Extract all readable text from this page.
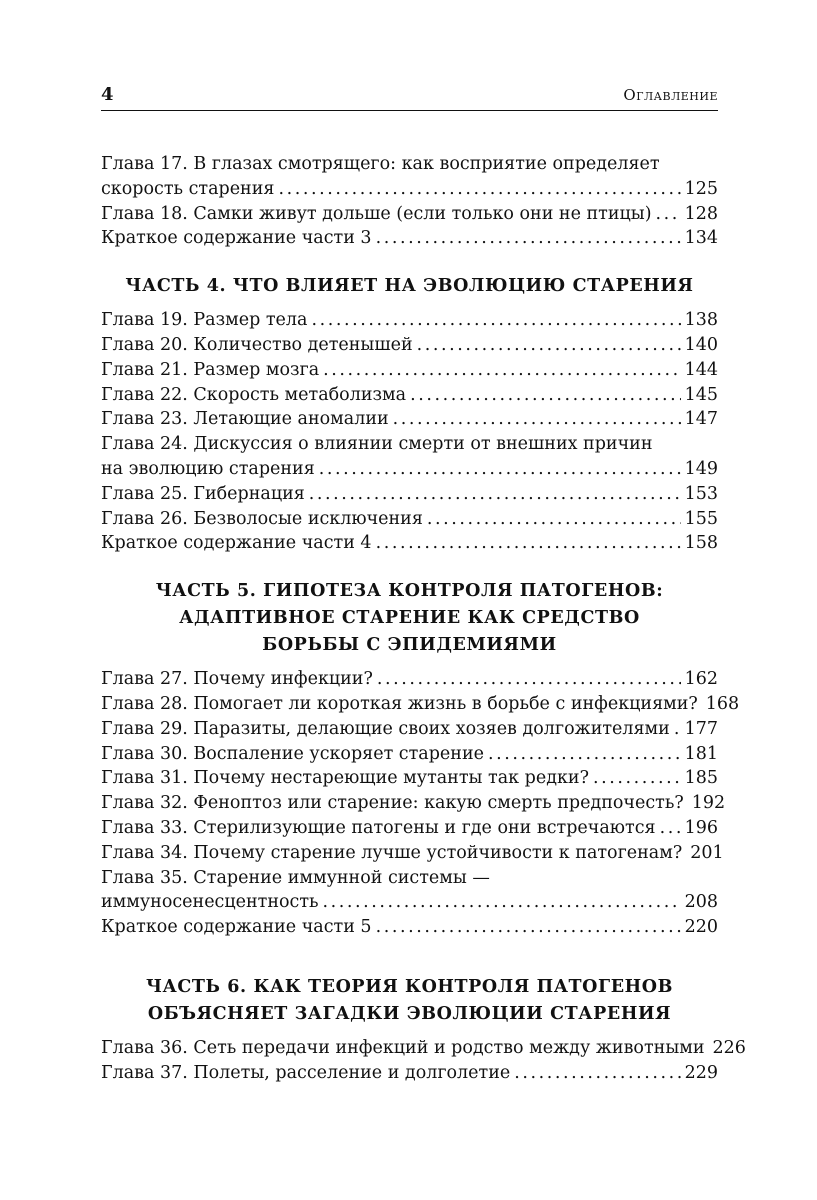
4	Оглавление
Глава 17. В глазах смотрящего: как восприятие определяет
скорость старения . . .	125
Глава 18. Самки живут дольше (если только они не птицы) . . . 128
Краткое содержание части 3 . . .	134
ЧАСТЬ 4. ЧТО ВЛИЯЕТ НА ЭВОЛЮЦИЮ СТАРЕНИЯ
Глава 19. Размер тела . . .	138
Глава 20. Количество детенышей . . .	140
Глава 21. Размер мозга . . .	144
Глава 22. Скорость метаболизма . . .	145
Глава 23. Летающие аномалии . . .	147
Глава 24. Дискуссия о влиянии смерти от внешних причин
на эволюцию старения . . .	149
Глава 25. Гибернация . . .	153
Глава 26. Безволосые исключения . . .	155
Краткое содержание части 4 . . .	158
ЧАСТЬ 5. ГИПОТЕЗА КОНТРОЛЯ ПАТОГЕНОВ:
АДАПТИВНОЕ СТАРЕНИЕ КАК СРЕДСТВО
БОРЬБЫ С ЭПИДЕМИЯМИ
Глава 27. Почему инфекции? . . .	162
Глава 28. Помогает ли короткая жизнь в борьбе с инфекциями? 168
Глава 29. Паразиты, делающие своих хозяев долгожителями . . . 177
Глава 30. Воспаление ускоряет старение . . .	181
Глава 31. Почему нестареющие мутанты так редки? . . .	185
Глава 32. Феноптоз или старение: какую смерть предпочесть? 192
Глава 33. Стерилизующие патогены и где они встречаются . . . 196
Глава 34. Почему старение лучше устойчивости к патогенам? 201
Глава 35. Старение иммунной системы —
иммуносенесцентность . . .	208
Краткое содержание части 5 . . .	220
ЧАСТЬ 6. КАК ТЕОРИЯ КОНТРОЛЯ ПАТОГЕНОВ
ОБЪЯСНЯЕТ ЗАГАДКИ ЭВОЛЮЦИИ СТАРЕНИЯ
Глава 36. Сеть передачи инфекций и родство между животными 226
Глава 37. Полеты, расселение и долголетие . . .	229
